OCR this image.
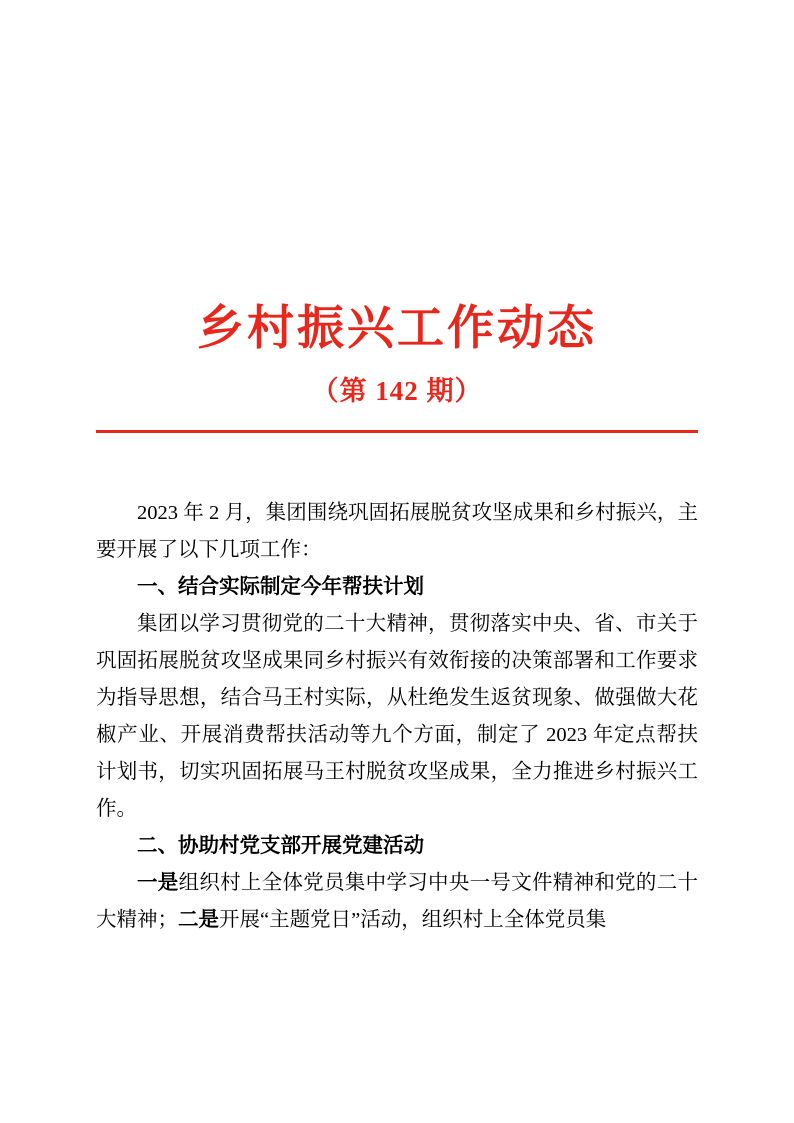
乡村振兴工作动态
（第 142 期）

2023 年 2 月，集团围绕巩固拓展脱贫攻坚成果和乡村振兴，主要开展了以下几项工作：

一、结合实际制定今年帮扶计划

集团以学习贯彻党的二十大精神，贯彻落实中央、省、市关于巩固拓展脱贫攻坚成果同乡村振兴有效衔接的决策部署和工作要求为指导思想，结合马王村实际，从杜绝发生返贫现象、做强做大花椒产业、开展消费帮扶活动等九个方面，制定了 2023 年定点帮扶计划书，切实巩固拓展马王村脱贫攻坚成果，全力推进乡村振兴工作。

二、协助村党支部开展党建活动

一是组织村上全体党员集中学习中央一号文件精神和党的二十大精神；二是开展“主题党日”活动，组织村上全体党员集
